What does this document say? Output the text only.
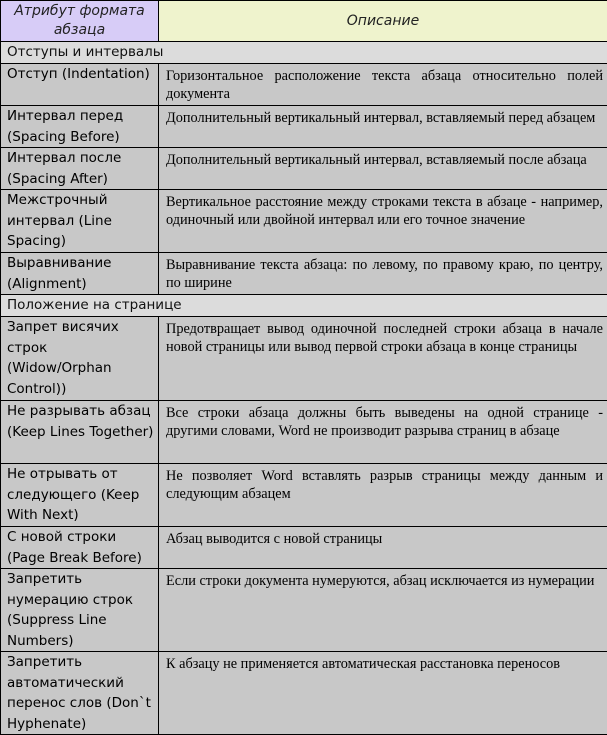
Атрибут формата абзаца	Описание
Отступы и интервалы	
Отступ (Indentation)	Горизонтальное расположение текста абзаца относительно полей документа
Интервал перед (Spacing Before)	Дополнительный вертикальный интервал, вставляемый перед абзацем
Интервал после (Spacing After)	Дополнительный вертикальный интервал, вставляемый после абзаца
Межстрочный интервал (Line Spacing)	Вертикальное расстояние между строками текста в абзаце - например, одиночный или двойной интервал или его точное значение
Выравнивание (Alignment)	Выравнивание текста абзаца: по левому, по правому краю, по центру, по ширине
Положение на странице	
Запрет висячих строк (Widow/Orphan Control))	Предотвращает вывод одиночной последней строки абзаца в начале новой страницы или вывод первой строки абзаца в конце страницы
Не разрывать абзац (Keep Lines Together)	Все строки абзаца должны быть выведены на одной странице - другими словами, Word не производит разрыва страниц в абзаце
Не отрывать от следующего (Keep With Next)	Не позволяет Word вставлять разрыв страницы между данным и следующим абзацем
С новой строки (Page Break Before)	Абзац выводится с новой страницы
Запретить нумерацию строк (Suppress Line Numbers)	Если строки документа нумеруются, абзац исключается из нумерации
Запретить автоматический перенос слов (Don`t Hyphenate)	К абзацу не применяется автоматическая расстановка переносов
